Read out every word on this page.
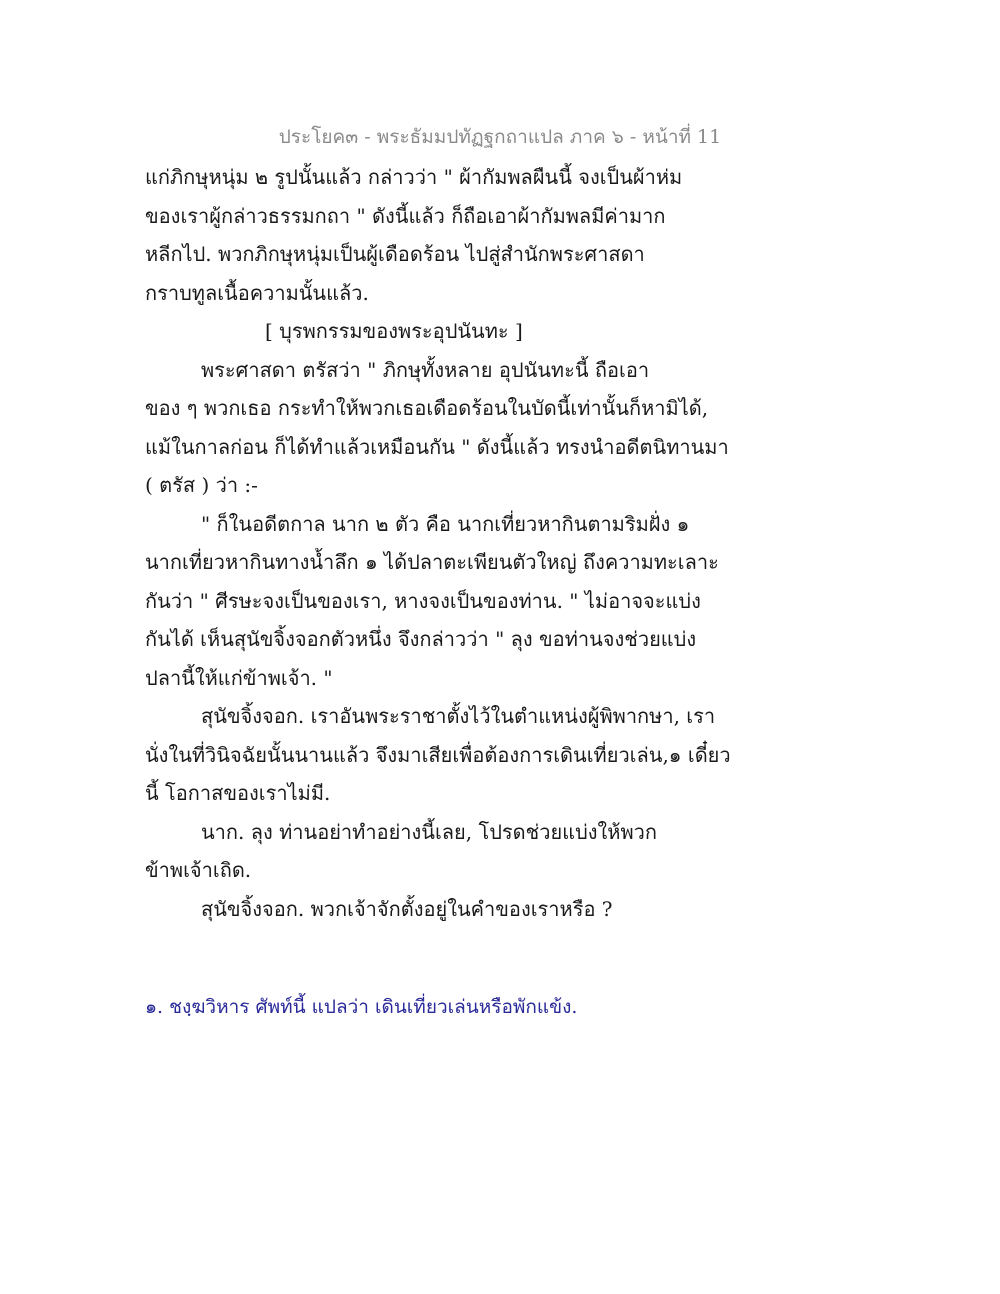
ประโยค๓ - พระธัมมปทัฏฐกถาแปล ภาค ๖ - หน้าที่ 11
แก่ภิกษุหนุ่ม ๒ รูปนั้นแล้ว กล่าวว่า " ผ้ากัมพลผืนนี้ จงเป็นผ้าห่ม
ของเราผู้กล่าวธรรมกถา " ดังนี้แล้ว ก็ถือเอาผ้ากัมพลมีค่ามาก
หลีกไป. พวกภิกษุหนุ่มเป็นผู้เดือดร้อน ไปสู่สำนักพระศาสดา
กราบทูลเนื้อความนั้นแล้ว.
[ บุรพกรรมของพระอุปนันทะ ]
พระศาสดา ตรัสว่า " ภิกษุทั้งหลาย อุปนันทะนี้ ถือเอา
ของ ๆ พวกเธอ กระทำให้พวกเธอเดือดร้อนในบัดนี้เท่านั้นก็หามิได้,
แม้ในกาลก่อน ก็ได้ทำแล้วเหมือนกัน " ดังนี้แล้ว ทรงนำอดีตนิทานมา
( ตรัส ) ว่า :-
" ก็ในอดีตกาล นาก ๒ ตัว คือ นากเที่ยวหากินตามริมฝั่ง ๑
นากเที่ยวหากินทางน้ำลึก ๑ ได้ปลาตะเพียนตัวใหญ่ ถึงความทะเลาะ
กันว่า " ศีรษะจงเป็นของเรา, หางจงเป็นของท่าน. " ไม่อาจจะแบ่ง
กันได้ เห็นสุนัขจิ้งจอกตัวหนึ่ง จึงกล่าวว่า " ลุง ขอท่านจงช่วยแบ่ง
ปลานี้ให้แก่ข้าพเจ้า. "
สุนัขจิ้งจอก. เราอันพระราชาตั้งไว้ในตำแหน่งผู้พิพากษา, เรา
นั่งในที่วินิจฉัยนั้นนานแล้ว จึงมาเสียเพื่อต้องการเดินเที่ยวเล่น,๑ เดี๋ยว
นี้ โอกาสของเราไม่มี.
นาก. ลุง ท่านอย่าทำอย่างนี้เลย, โปรดช่วยแบ่งให้พวก
ข้าพเจ้าเถิด.
สุนัขจิ้งจอก. พวกเจ้าจักตั้งอยู่ในคำของเราหรือ ?
๑. ชงฺฆวิหาร ศัพท์นี้ แปลว่า เดินเที่ยวเล่นหรือพักแข้ง.
